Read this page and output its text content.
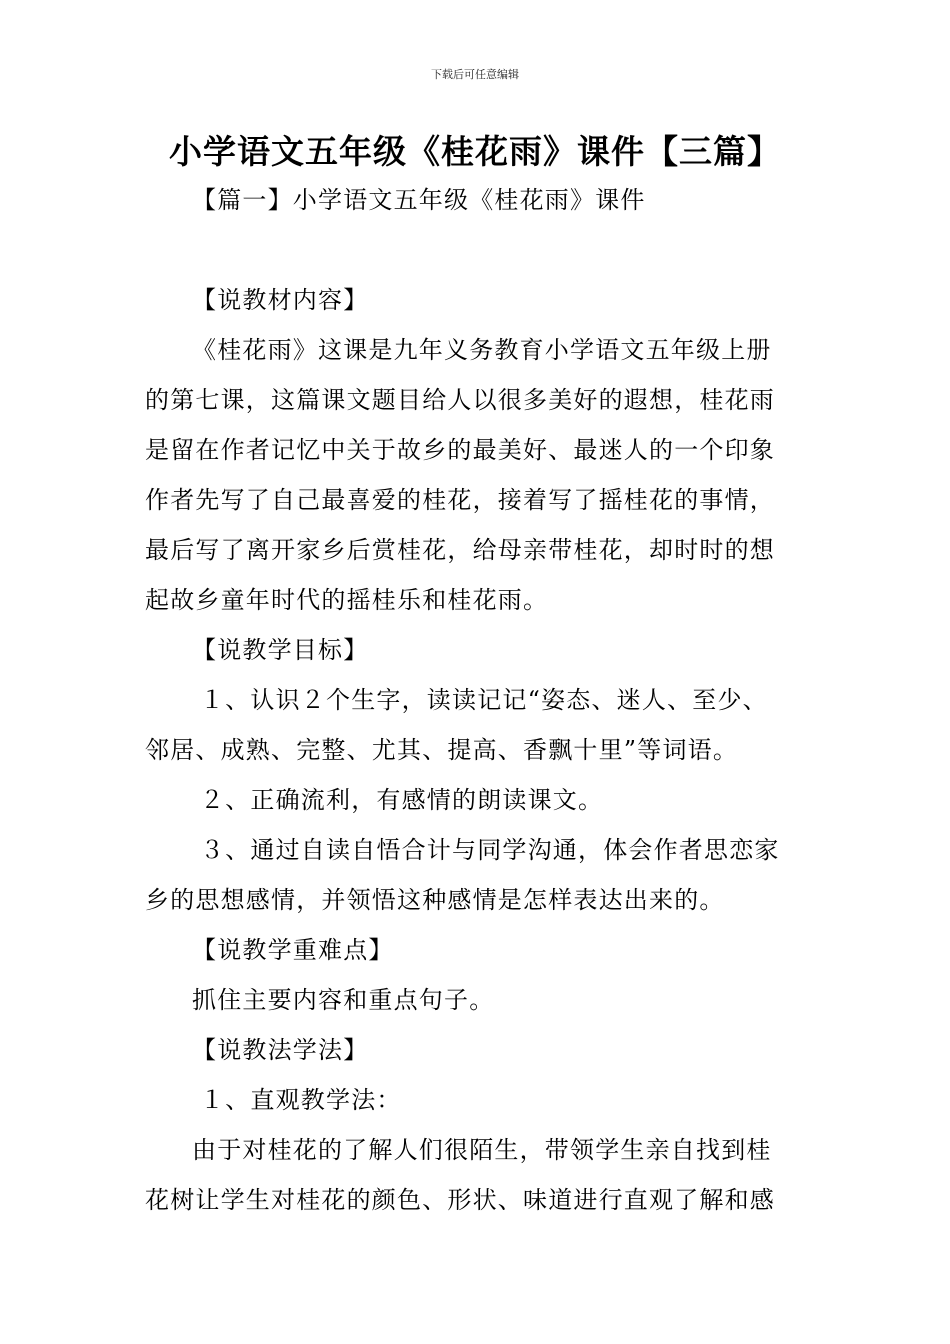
下载后可任意编辑
小学语文五年级《桂花雨》课件【三篇】
【篇一】小学语文五年级《桂花雨》课件
【说教材内容】
《桂花雨》这课是九年义务教育小学语文五年级上册
的第七课，这篇课文题目给人以很多美好的遐想，桂花雨
是留在作者记忆中关于故乡的最美好、最迷人的一个印象
作者先写了自己最喜爱的桂花，接着写了摇桂花的事情，
最后写了离开家乡后赏桂花，给母亲带桂花，却时时的想
起故乡童年时代的摇桂乐和桂花雨。
【说教学目标】
１、认识２个生字，读读记记“姿态、迷人、至少、
邻居、成熟、完整、尤其、提高、香飘十里”等词语。
２、正确流利，有感情的朗读课文。
３、通过自读自悟合计与同学沟通，体会作者思恋家
乡的思想感情，并领悟这种感情是怎样表达出来的。
【说教学重难点】
抓住主要内容和重点句子。
【说教法学法】
１、直观教学法：
由于对桂花的了解人们很陌生，带领学生亲自找到桂
花树让学生对桂花的颜色、形状、味道进行直观了解和感
